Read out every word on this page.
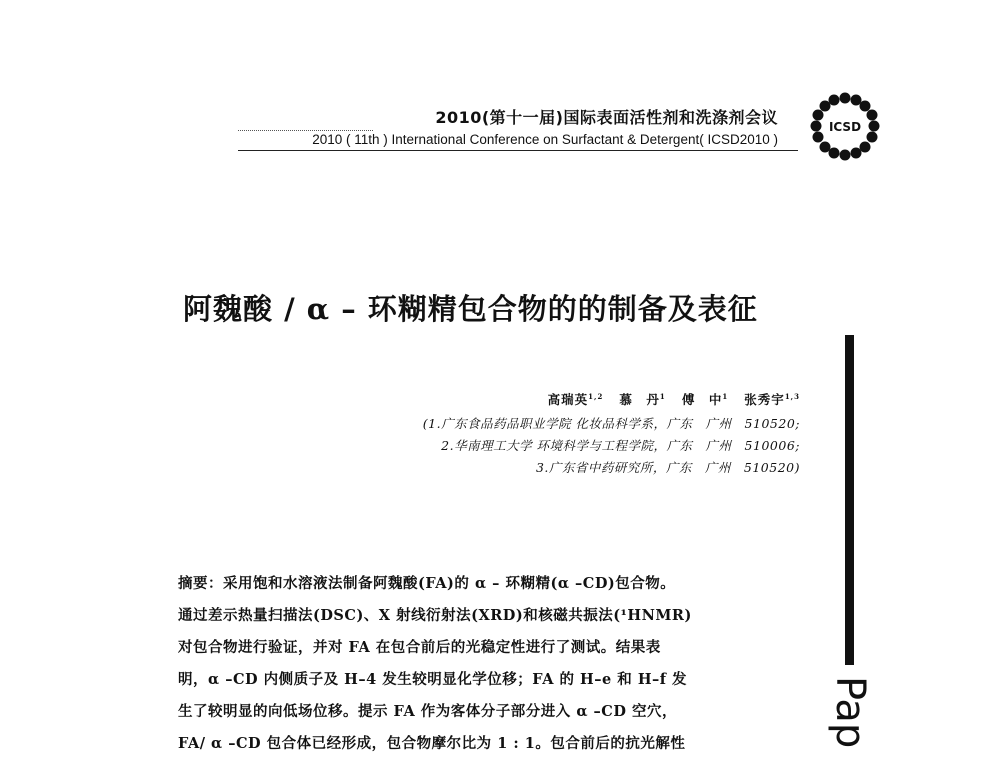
2010(第十一届)国际表面活性剂和洗涤剂会议
2010 ( 11th ) International Conference on Surfactant & Detergent( ICSD2010 )
ICSD
阿魏酸 / α – 环糊精包合物的的制备及表征
高瑞英$^{1,2}$ 慕　丹$^1$ 傅　中$^1$ 张秀宇$^{1,3}$
(1.广东食品药品职业学院 化妆品科学系，广东　广州　510520;
2.华南理工大学 环境科学与工程学院，广东　广州　510006;
3.广东省中药研究所，广东　广州　510520)
摘要：采用饱和水溶液法制备阿魏酸(FA)的 α – 环糊精(α –CD)包合物。
通过差示热量扫描法(DSC)、X 射线衍射法(XRD)和核磁共振法(¹HNMR)
对包合物进行验证，并对 FA 在包合前后的光稳定性进行了测试。结果表
明，α –CD 内侧质子及 H–4 发生较明显化学位移；FA 的 H–e 和 H–f 发
生了较明显的向低场位移。提示 FA 作为客体分子部分进入 α –CD 空穴，
FA/ α –CD 包合体已经形成，包合物摩尔比为 1 : 1。包合前后的抗光解性	Pap
